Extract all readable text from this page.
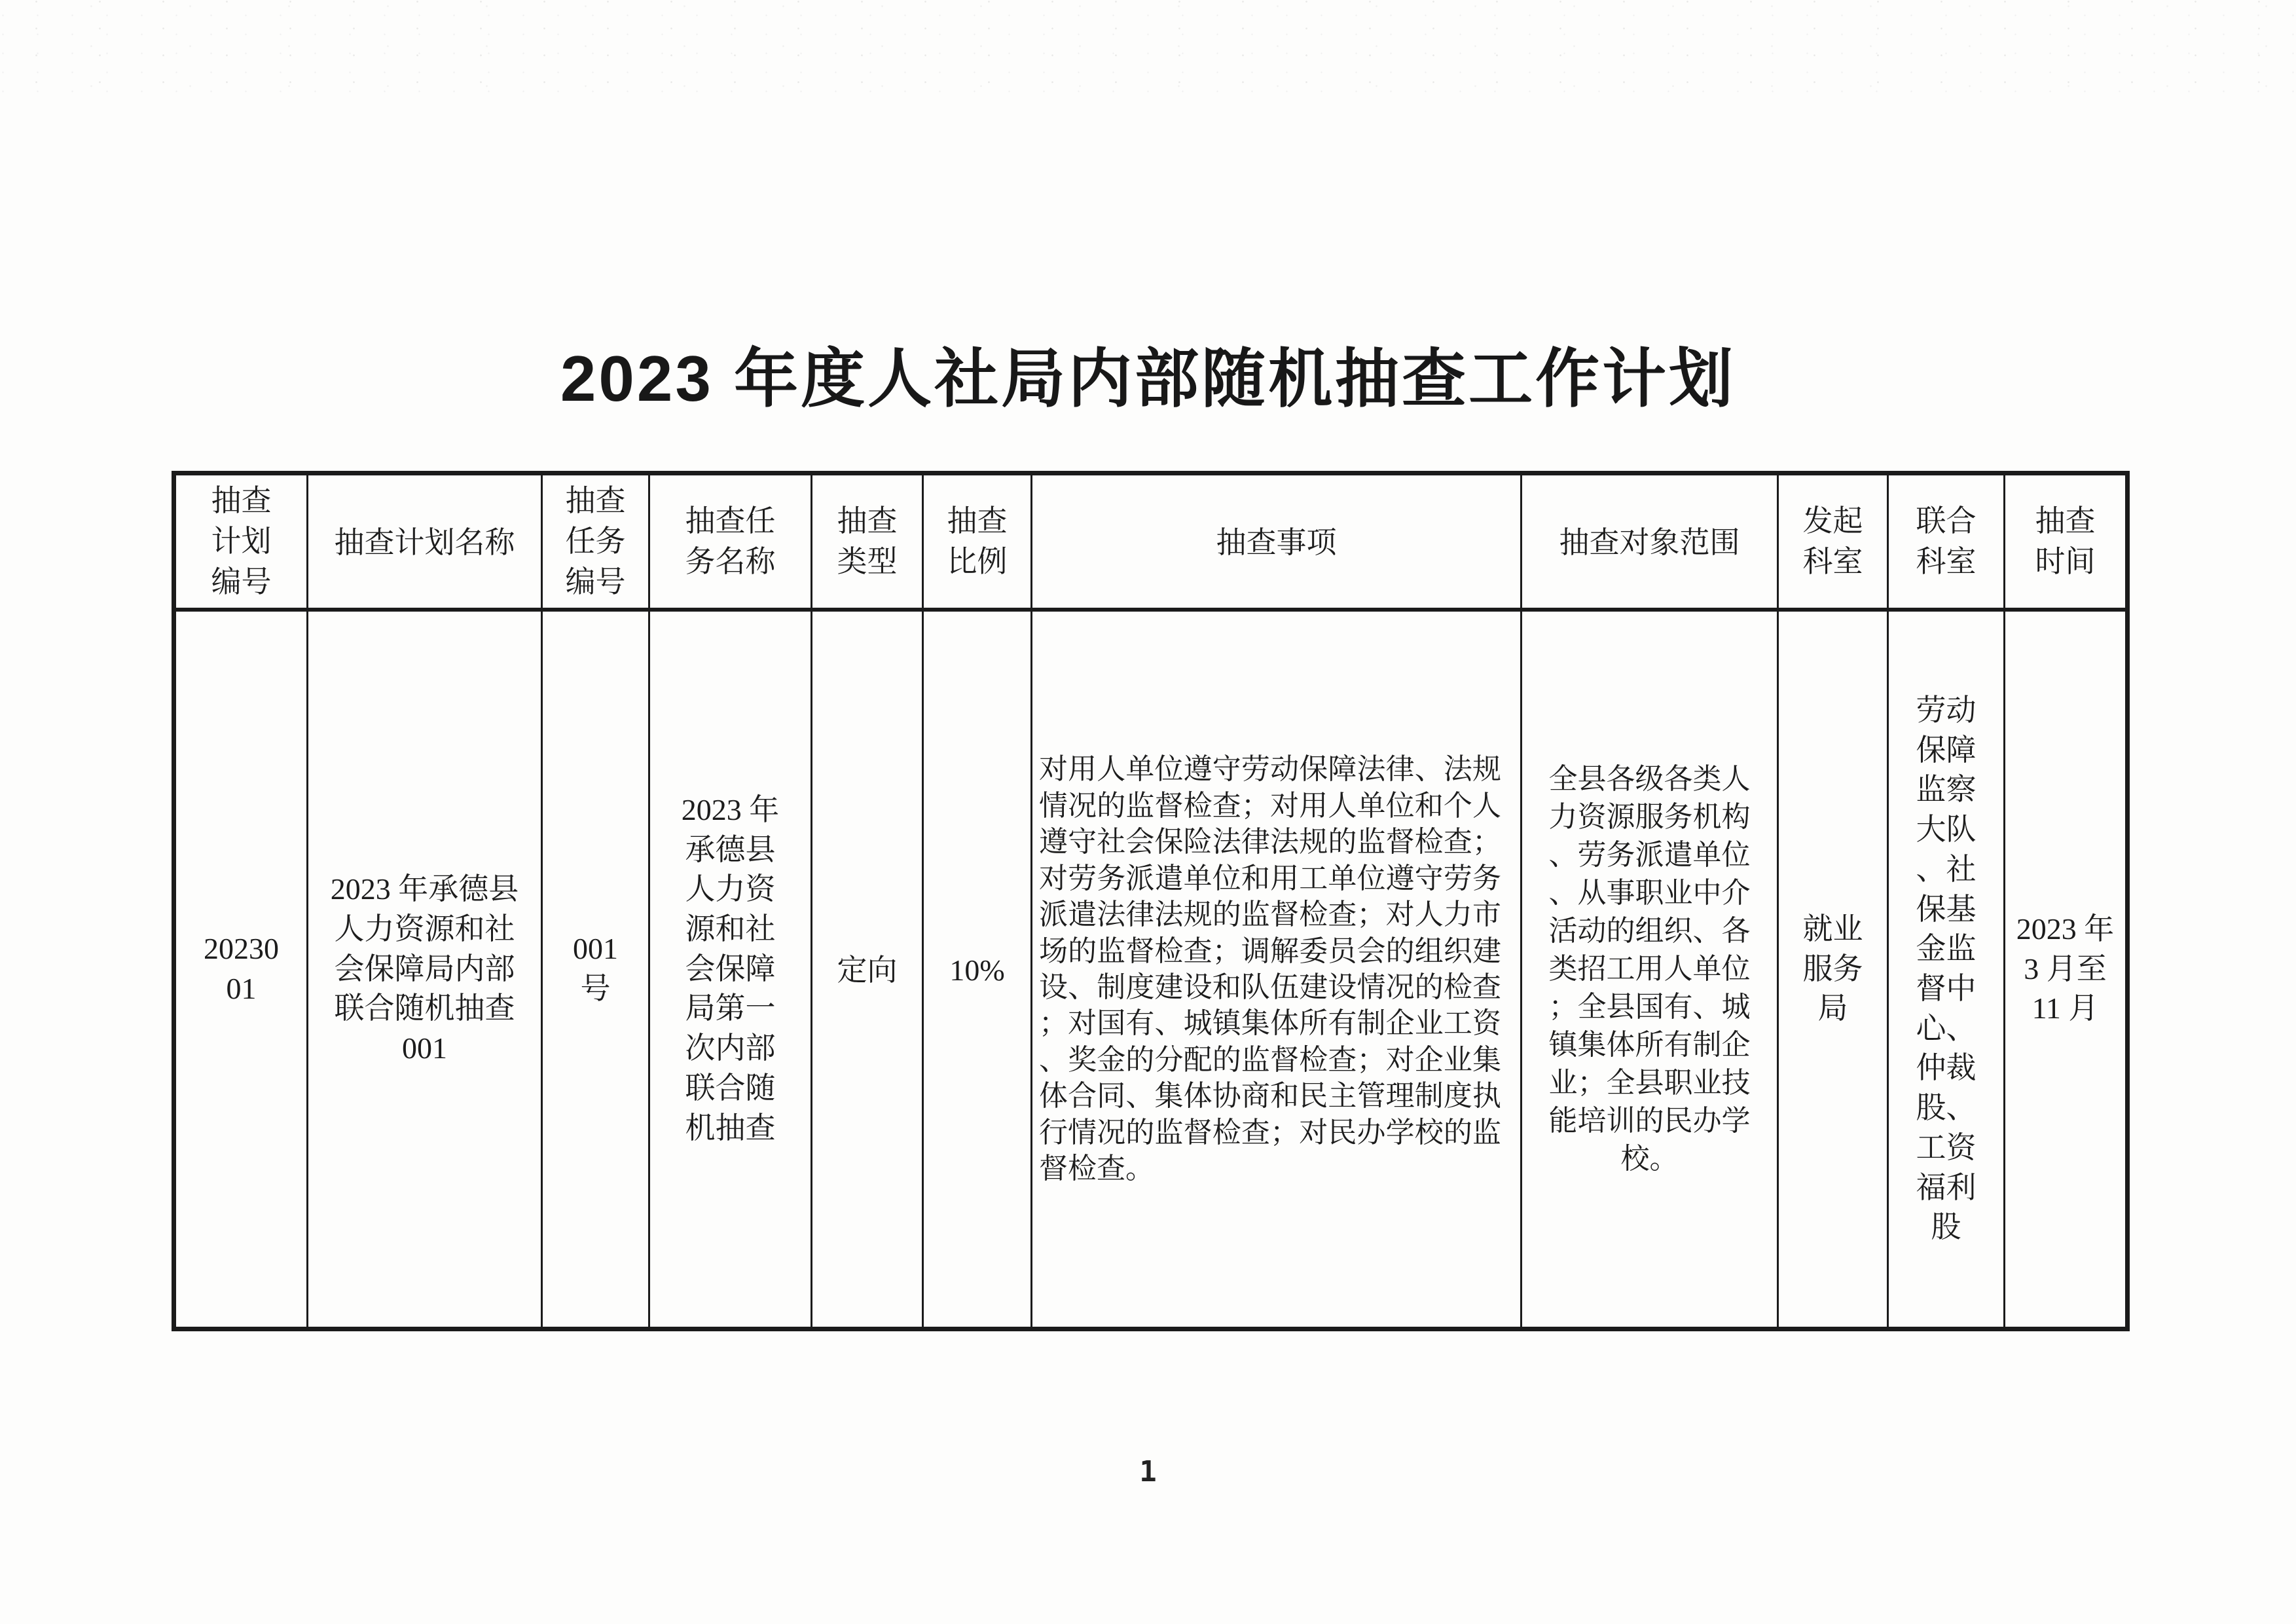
2023 年度人社局内部随机抽查工作计划
抽查计划编号	抽查计划名称	抽查任务编号	抽查任务名称	抽查类型	抽查比例	抽查事项	抽查对象范围	发起科室	联合科室	抽查时间
2023001	2023 年承德县人力资源和社会保障局内部联合随机抽查 001	001 号	2023 年承德县人力资源和社会保障局第一次内部联合随机抽查	定向	10%	对用人单位遵守劳动保障法律、法规情况的监督检查；对用人单位和个人遵守社会保险法律法规的监督检查；对劳务派遣单位和用工单位遵守劳务派遣法律法规的监督检查；对人力市场的监督检查；调解委员会的组织建设、制度建设和队伍建设情况的检查；对国有、城镇集体所有制企业工资、奖金的分配的监督检查；对企业集体合同、集体协商和民主管理制度执行情况的监督检查；对民办学校的监督检查。	全县各级各类人力资源服务机构、劳务派遣单位、从事职业中介活动的组织、各类招工用人单位；全县国有、城镇集体所有制企业；全县职业技能培训的民办学校。	就业服务局	劳动保障监察大队、社保基金监督中心、仲裁股、工资福利股	2023 年 3 月至 11 月
1
